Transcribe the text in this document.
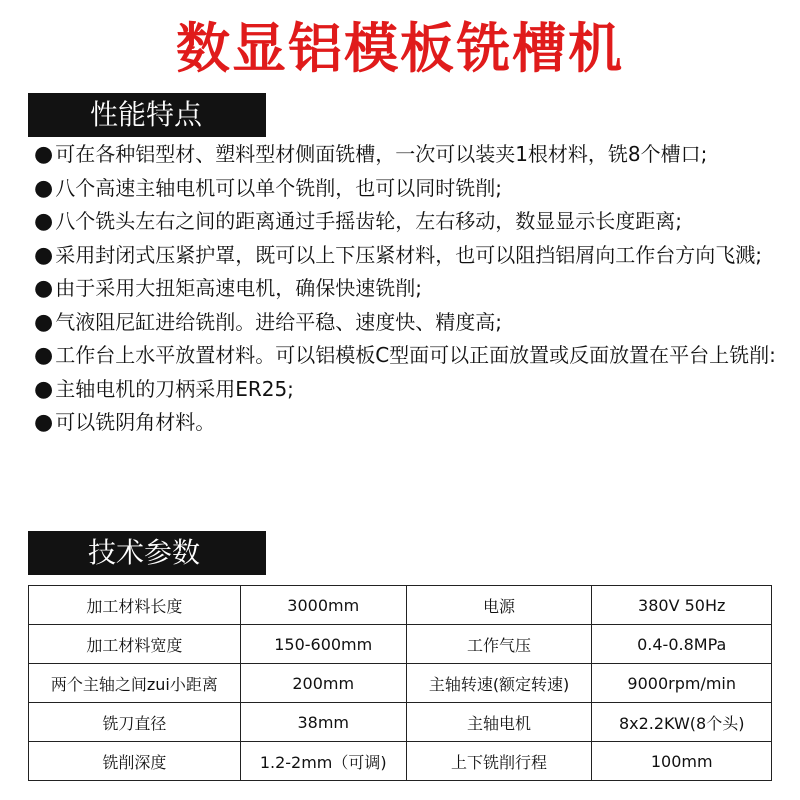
数显铝模板铣槽机
性能特点
● 可在各种铝型材、塑料型材侧面铣槽，一次可以装夹1根材料，铣8个槽口;
● 八个高速主轴电机可以单个铣削，也可以同时铣削;
● 八个铣头左右之间的距离通过手摇齿轮，左右移动，数显显示长度距离;
● 采用封闭式压紧护罩，既可以上下压紧材料，也可以阻挡铝屑向工作台方向飞溅;
● 由于采用大扭矩高速电机，确保快速铣削;
● 气液阻尼缸进给铣削。进给平稳、速度快、精度高;
● 工作台上水平放置材料。可以铝模板C型面可以正面放置或反面放置在平台上铣削:
● 主轴电机的刀柄采用ER25;
● 可以铣阴角材料。
技术参数
加工材料长度	3000mm	电源	380V 50Hz
加工材料宽度	150-600mm	工作气压	0.4-0.8MPa
两个主轴之间zui小距离	200mm	主轴转速(额定转速)	9000rpm/min
铣刀直径	38mm	主轴电机	8x2.2KW(8个头)
铣削深度	1.2-2mm（可调)	上下铣削行程	100mm
